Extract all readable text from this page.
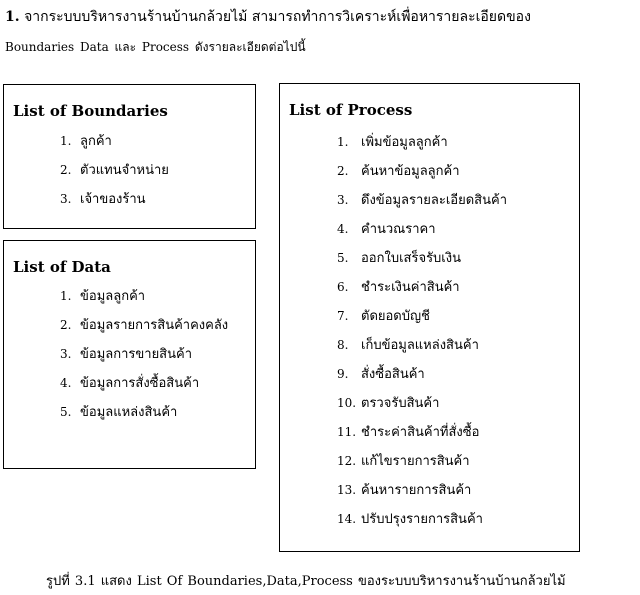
1. จากระบบบริหารงานร้านบ้านกล้วยไม้ สามารถทำการวิเคราะห์เพื่อหารายละเอียดของ
Boundaries Data และ Process ดังรายละเอียดต่อไปนี้
List of Boundaries
1. ลูกค้า
2. ตัวแทนจำหน่าย
3. เจ้าของร้าน
List of Data
1. ข้อมูลลูกค้า
2. ข้อมูลรายการสินค้าคงคลัง
3. ข้อมูลการขายสินค้า
4. ข้อมูลการสั่งซื้อสินค้า
5. ข้อมูลแหล่งสินค้า
List of Process
1. เพิ่มข้อมูลลูกค้า
2. ค้นหาข้อมูลลูกค้า
3. ดึงข้อมูลรายละเอียดสินค้า
4. คำนวณราคา
5. ออกใบเสร็จรับเงิน
6. ชำระเงินค่าสินค้า
7. ตัดยอดบัญชี
8. เก็บข้อมูลแหล่งสินค้า
9. สั่งซื้อสินค้า
10. ตรวจรับสินค้า
11. ชำระค่าสินค้าที่สั่งซื้อ
12. แก้ไขรายการสินค้า
13. ค้นหารายการสินค้า
14. ปรับปรุงรายการสินค้า
รูปที่ 3.1 แสดง List Of Boundaries,Data,Process ของระบบบริหารงานร้านบ้านกล้วยไม้
